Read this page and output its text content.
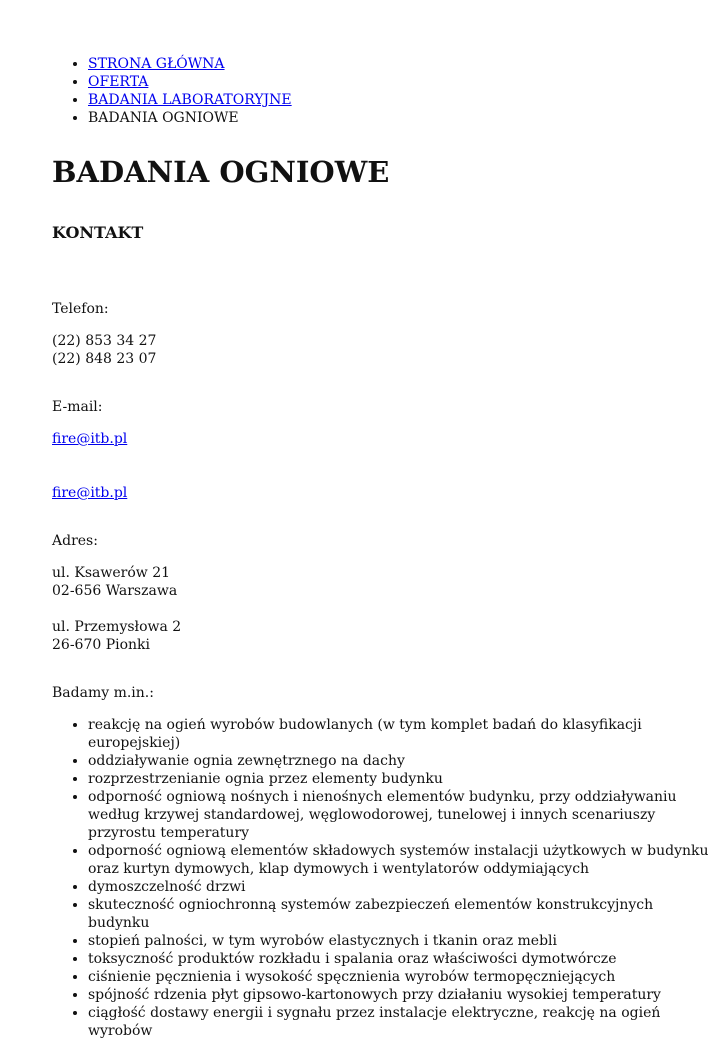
• STRONA GŁÓWNA
• OFERTA
• BADANIA LABORATORYJNE
• BADANIA OGNIOWE
BADANIA OGNIOWE
KONTAKT

Telefon:

(22) 853 34 27
(22) 848 23 07

E-mail:

fire@itb.pl

fire@itb.pl

Adres:

ul. Ksawerów 21
02-656 Warszawa
ul. Przemysłowa 2
26-670 Pionki

Badamy m.in.:

• reakcję na ogień wyrobów budowlanych (w tym komplet badań do klasyfikacji europejskiej)
• oddziaływanie ognia zewnętrznego na dachy
• rozprzestrzenianie ognia przez elementy budynku
• odporność ogniową nośnych i nienośnych elementów budynku, przy oddziaływaniu według krzywej standardowej, węglowodorowej, tunelowej i innych scenariuszy przyrostu temperatury
• odporność ogniową elementów składowych systemów instalacji użytkowych w budynku oraz kurtyn dymowych, klap dymowych i wentylatorów oddymiających
• dymoszczelność drzwi
• skuteczność ogniochronną systemów zabezpieczeń elementów konstrukcyjnych budynku
• stopień palności, w tym wyrobów elastycznych i tkanin oraz mebli
• toksyczność produktów rozkładu i spalania oraz właściwości dymotwórcze
• ciśnienie pęcznienia i wysokość spęcznienia wyrobów termopęczniejących
• spójność rdzenia płyt gipsowo-kartonowych przy działaniu wysokiej temperatury
• ciągłość dostawy energii i sygnału przez instalacje elektryczne, reakcję na ogień wyrobów
